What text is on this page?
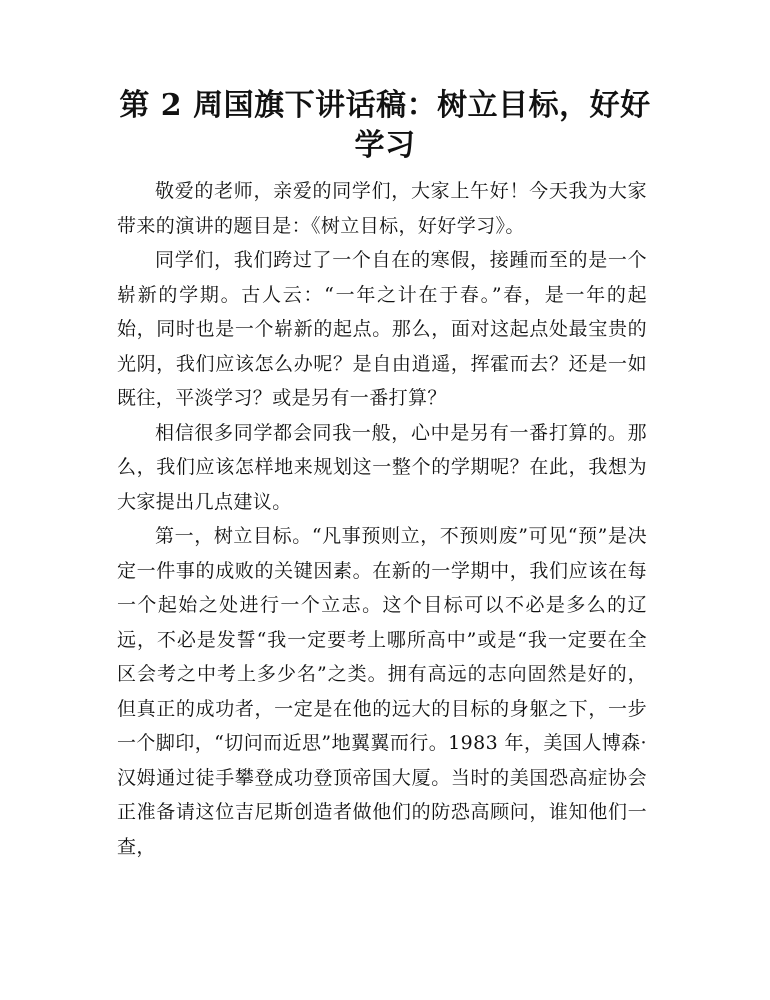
第 2 周国旗下讲话稿：树立目标，好好学习

敬爱的老师，亲爱的同学们，大家上午好！今天我为大家带来的演讲的题目是：《树立目标，好好学习》。

同学们，我们跨过了一个自在的寒假，接踵而至的是一个崭新的学期。古人云：“一年之计在于春。”春，是一年的起始，同时也是一个崭新的起点。那么，面对这起点处最宝贵的光阴，我们应该怎么办呢？是自由逍遥，挥霍而去？还是一如既往，平淡学习？或是另有一番打算？

相信很多同学都会同我一般，心中是另有一番打算的。那么，我们应该怎样地来规划这一整个的学期呢？在此，我想为大家提出几点建议。

第一，树立目标。“凡事预则立，不预则废”可见“预”是决定一件事的成败的关键因素。在新的一学期中，我们应该在每一个起始之处进行一个立志。这个目标可以不必是多么的辽远，不必是发誓“我一定要考上哪所高中”或是“我一定要在全区会考之中考上多少名”之类。拥有高远的志向固然是好的，但真正的成功者，一定是在他的远大的目标的身躯之下，一步一个脚印，“切问而近思”地翼翼而行。1983 年，美国人博森·汉姆通过徒手攀登成功登顶帝国大厦。当时的美国恐高症协会正准备请这位吉尼斯创造者做他们的防恐高顾问，谁知他们一查，
